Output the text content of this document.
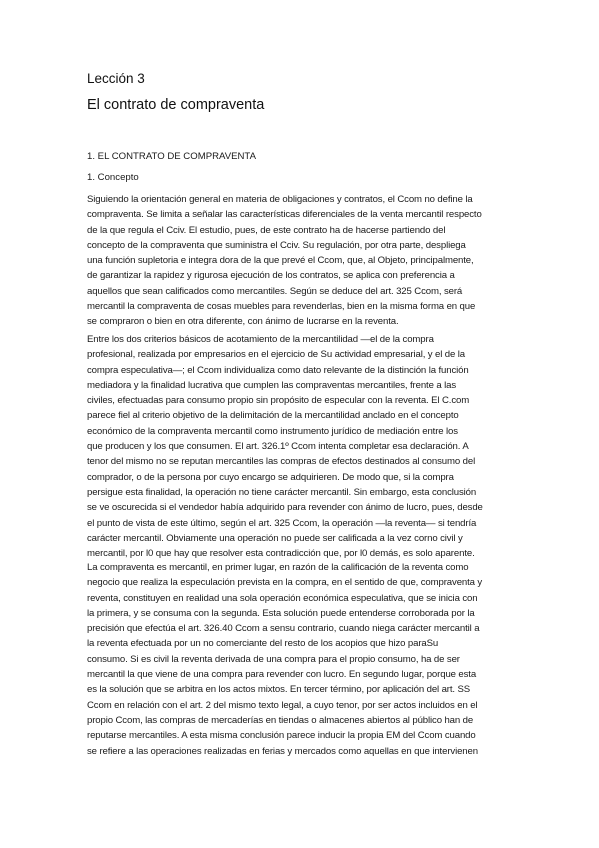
Lección 3
El contrato de compraventa
1. EL CONTRATO DE COMPRAVENTA
1. Concepto

Siguiendo la orientación general en materia de obligaciones y contratos, el Ccom no define la
compraventa. Se limita a señalar las características diferenciales de la venta mercantil respecto
de la que regula el Cciv. El estudio, pues, de este contrato ha de hacerse partiendo del
concepto de la compraventa que suministra el Cciv. Su regulación, por otra parte, despliega
una función supletoria e integra dora de la que prevé el Ccom, que, al Objeto, principalmente,
de garantizar la rapidez y rigurosa ejecución de los contratos, se aplica con preferencia a
aquellos que sean calificados como mercantiles. Según se deduce del art. 325 Ccom, será
mercantil la compraventa de cosas muebles para revenderlas, bien en la misma forma en que
se compraron o bien en otra diferente, con ánimo de lucrarse en la reventa.

Entre los dos criterios básicos de acotamiento de la mercantilidad —el de la compra
profesional, realizada por empresarios en el ejercicio de Su actividad empresarial, y el de la
compra especulativa—; el Ccom individualiza como dato relevante de la distinción la función
mediadora y la finalidad lucrativa que cumplen las compraventas mercantiles, frente a las
civiles, efectuadas para consumo propio sin propósito de especular con la reventa. El C.com
parece fiel al criterio objetivo de la delimitación de la mercantilidad anclado en el concepto
económico de la compraventa mercantil como instrumento jurídico de mediación entre los
que producen y los que consumen. El art. 326.1º Ccom intenta completar esa declaración. A
tenor del mismo no se reputan mercantiles las compras de efectos destinados al consumo del
comprador, o de la persona por cuyo encargo se adquirieren. De modo que, si la compra
persigue esta finalidad, la operación no tiene carácter mercantil. Sin embargo, esta conclusión
se ve oscurecida si el vendedor había adquirido para revender con ánimo de lucro, pues, desde
el punto de vista de este último, según el art. 325 Ccom, la operación —la reventa— si tendría
carácter mercantil. Obviamente una operación no puede ser calificada a la vez corno civil y
mercantil, por l0 que hay que resolver esta contradicción que, por l0 demás, es solo aparente.

La compraventa es mercantil, en primer lugar, en razón de la calificación de la reventa como
negocio que realiza la especulación prevista en la compra, en el sentido de que, compraventa y
reventa, constituyen en realidad una sola operación económica especulativa, que se inicia con
la primera, y se consuma con la segunda. Esta solución puede entenderse corroborada por la
precisión que efectúa el art. 326.40 Ccom a sensu contrario, cuando niega carácter mercantil a
la reventa efectuada por un no comerciante del resto de los acopios que hizo paraSu
consumo. Si es civil la reventa derivada de una compra para el propio consumo, ha de ser
mercantil la que viene de una compra para revender con lucro. En segundo lugar, porque esta
es la solución que se arbitra en los actos mixtos. En tercer término, por aplicación del art. SS
Ccom en relación con el art. 2 del mismo texto legal, a cuyo tenor, por ser actos incluidos en el
propio Ccom, las compras de mercaderías en tiendas o almacenes abiertos al público han de
reputarse mercantiles. A esta misma conclusión parece inducir la propia EM del Ccom cuando
se refiere a las operaciones realizadas en ferias y mercados como aquellas en que intervienen
